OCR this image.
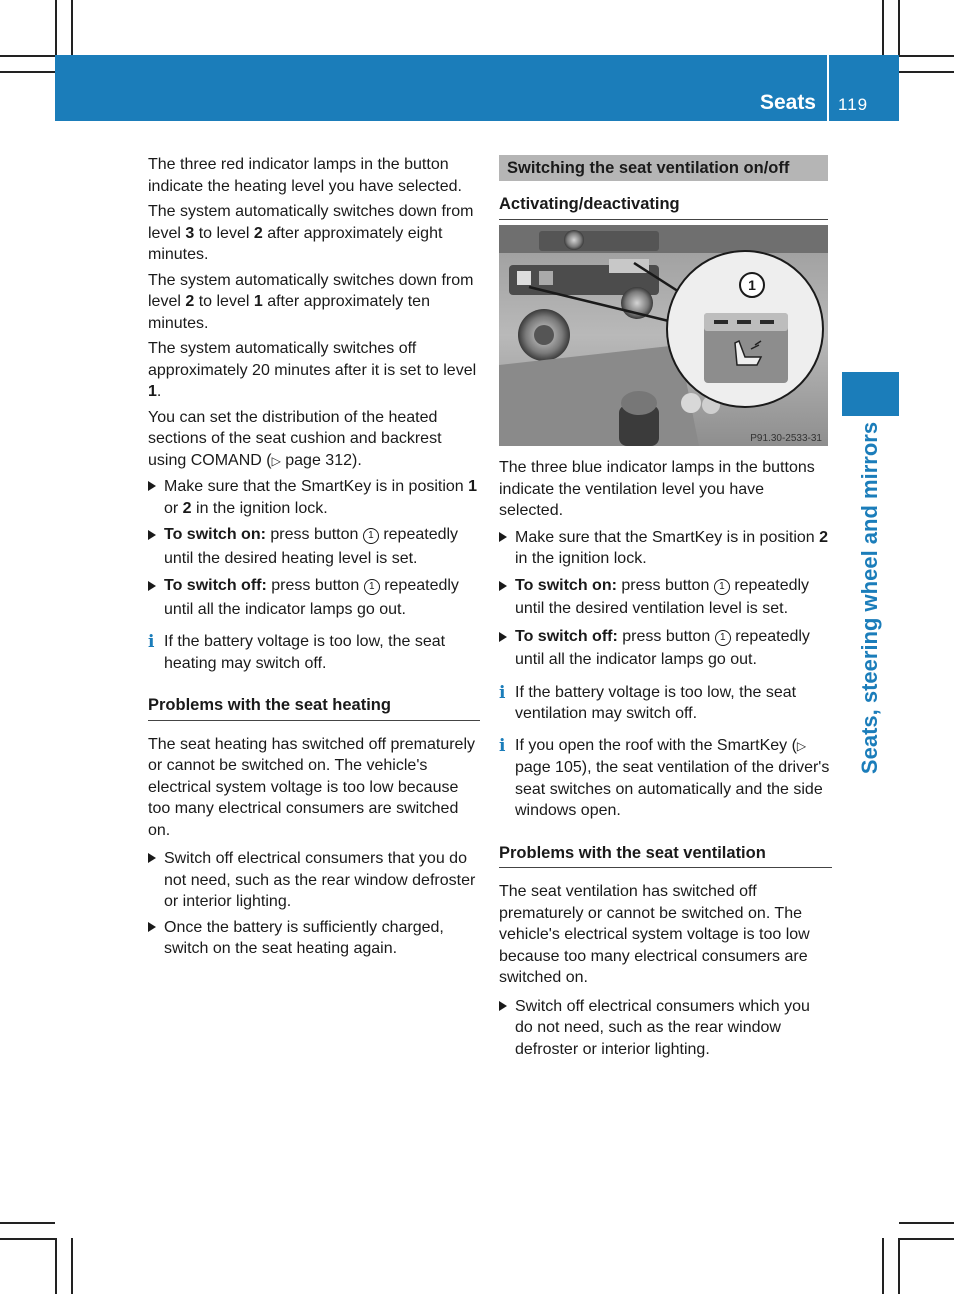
Seats 119
Seats, steering wheel and mirrors

The three red indicator lamps in the button indicate the heating level you have selected.

The system automatically switches down from level 3 to level 2 after approximately eight minutes.

The system automatically switches down from level 2 to level 1 after approximately ten minutes.

The system automatically switches off approximately 20 minutes after it is set to level 1.

You can set the distribution of the heated sections of the seat cushion and backrest using COMAND (▷ page 312).

Make sure that the SmartKey is in position 1 or 2 in the ignition lock.
To switch on: press button 1 repeatedly until the desired heating level is set.
To switch off: press button 1 repeatedly until all the indicator lamps go out.
i If the battery voltage is too low, the seat heating may switch off.
Problems with the seat heating

The seat heating has switched off prematurely or cannot be switched on. The vehicle's electrical system voltage is too low because too many electrical consumers are switched on.

Switch off electrical consumers that you do not need, such as the rear window defroster or interior lighting.
Once the battery is sufficiently charged, switch on the seat heating again.
Switching the seat ventilation on/off
Activating/deactivating
1
P91.30-2533-31

The three blue indicator lamps in the buttons indicate the ventilation level you have selected.

Make sure that the SmartKey is in position 2 in the ignition lock.
To switch on: press button 1 repeatedly until the desired ventilation level is set.
To switch off: press button 1 repeatedly until all the indicator lamps go out.
i If the battery voltage is too low, the seat ventilation may switch off.
i If you open the roof with the SmartKey (▷ page 105), the seat ventilation of the driver's seat switches on automatically and the side windows open.
Problems with the seat ventilation

The seat ventilation has switched off prematurely or cannot be switched on. The vehicle's electrical system voltage is too low because too many electrical consumers are switched on.

Switch off electrical consumers which you do not need, such as the rear window defroster or interior lighting.
